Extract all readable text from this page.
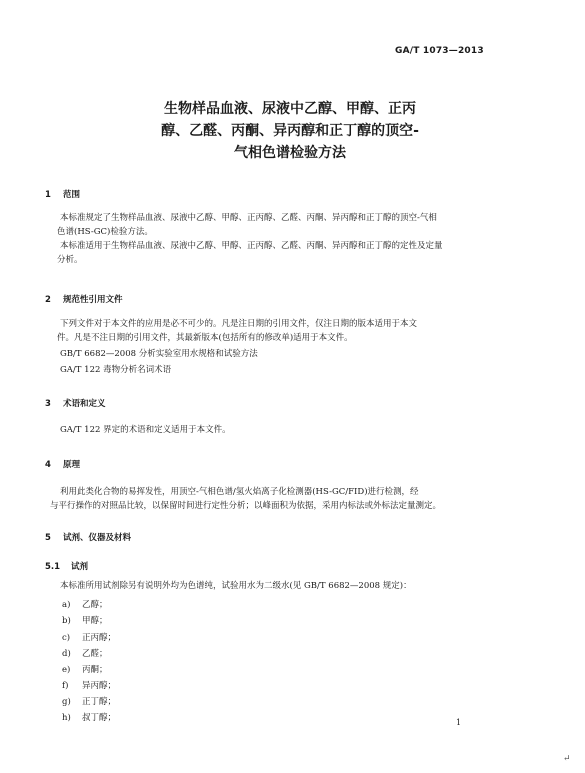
GA/T 1073—2013
生物样品血液、尿液中乙醇、甲醇、正丙
醇、乙醛、丙酮、异丙醇和正丁醇的顶空-
气相色谱检验方法
1 范围
本标准规定了生物样品血液、尿液中乙醇、甲醇、正丙醇、乙醛、丙酮、异丙醇和正丁醇的顶空-气相
色谱(HS-GC)检验方法。
本标准适用于生物样品血液、尿液中乙醇、甲醇、正丙醇、乙醛、丙酮、异丙醇和正丁醇的定性及定量
分析。
2 规范性引用文件
下列文件对于本文件的应用是必不可少的。凡是注日期的引用文件，仅注日期的版本适用于本文
件。凡是不注日期的引用文件，其最新版本(包括所有的修改单)适用于本文件。
GB/T 6682—2008 分析实验室用水规格和试验方法
GA/T 122 毒物分析名词术语
3 术语和定义
GA/T 122 界定的术语和定义适用于本文件。
4 原理
利用此类化合物的易挥发性，用顶空-气相色谱/氢火焰离子化检测器(HS-GC/FID)进行检测，经
与平行操作的对照品比较，以保留时间进行定性分析；以峰面积为依据，采用内标法或外标法定量测定。
5 试剂、仪器及材料
5.1 试剂
本标准所用试剂除另有说明外均为色谱纯，试验用水为二级水(见 GB/T 6682—2008 规定)：
a) 乙醇；
b) 甲醇；
c) 正丙醇；
d) 乙醛；
e) 丙酮；
f) 异丙醇；
g) 正丁醇；
h) 叔丁醇；	1
↵
